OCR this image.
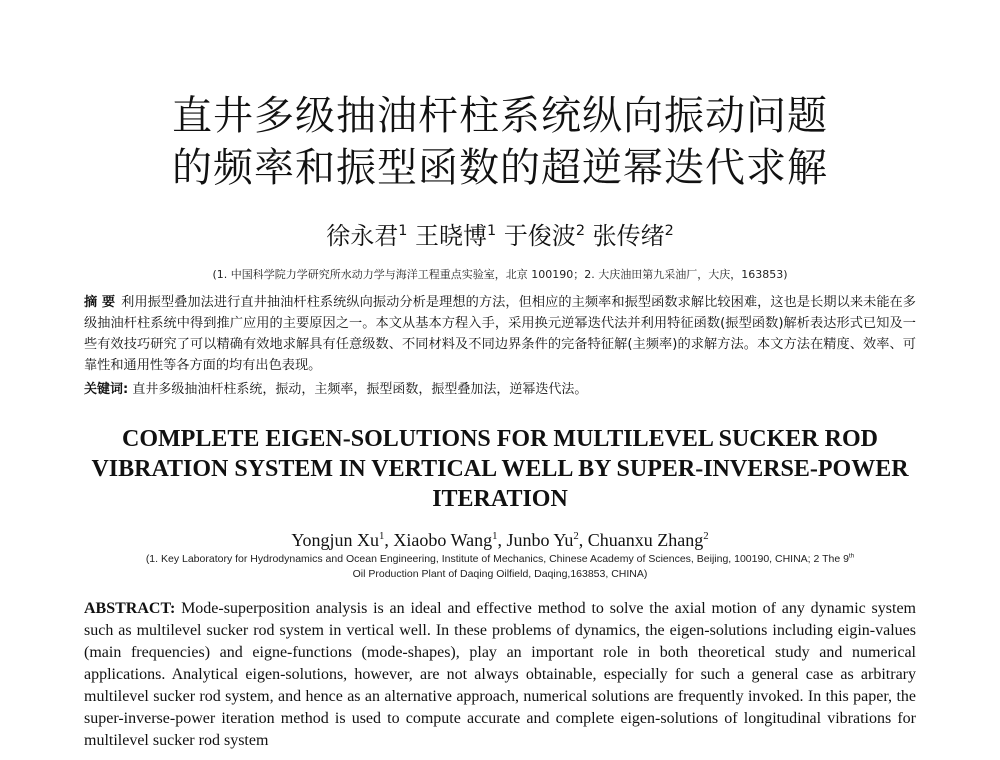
直井多级抽油杆柱系统纵向振动问题
的频率和振型函数的超逆幂迭代求解
徐永君$^1$ 王晓博$^1$ 于俊波$^2$ 张传绪$^2$
(1. 中国科学院力学研究所水动力学与海洋工程重点实验室，北京 100190；2. 大庆油田第九采油厂，大庆，163853)
摘 要 利用振型叠加法进行直井抽油杆柱系统纵向振动分析是理想的方法，但相应的主频率和振型函数求解比较困难，这也是长期以来未能在多级抽油杆柱系统中得到推广应用的主要原因之一。本文从基本方程入手，采用换元逆幂迭代法并利用特征函数(振型函数)解析表达形式已知及一些有效技巧研究了可以精确有效地求解具有任意级数、不同材料及不同边界条件的完备特征解(主频率)的求解方法。本文方法在精度、效率、可靠性和通用性等各方面的均有出色表现。
关键词: 直井多级抽油杆柱系统，振动，主频率，振型函数，振型叠加法，逆幂迭代法。
COMPLETE EIGEN-SOLUTIONS FOR MULTILEVEL SUCKER ROD VIBRATION SYSTEM IN VERTICAL WELL BY SUPER-INVERSE-POWER ITERATION
Yongjun Xu$^1$, Xiaobo Wang$^1$, Junbo Yu$^2$, Chuanxu Zhang$^2$
(1. Key Laboratory for Hydrodynamics and Ocean Engineering, Institute of Mechanics, Chinese Academy of Sciences, Beijing, 100190, CHINA; 2 The 9th
Oil Production Plant of Daqing Oilfield, Daqing,163853, CHINA)
ABSTRACT: Mode-superposition analysis is an ideal and effective method to solve the axial motion of any dynamic system such as multilevel sucker rod system in vertical well. In these problems of dynamics, the eigen-solutions including eigin-values (main frequencies) and eigne-functions (mode-shapes), play an important role in both theoretical study and numerical applications. Analytical eigen-solutions, however, are not always obtainable, especially for such a general case as arbitrary multilevel sucker rod system, and hence as an alternative approach, numerical solutions are frequently invoked. In this paper, the super-inverse-power iteration method is used to compute accurate and complete eigen-solutions of longitudinal vibrations for multilevel sucker rod system
